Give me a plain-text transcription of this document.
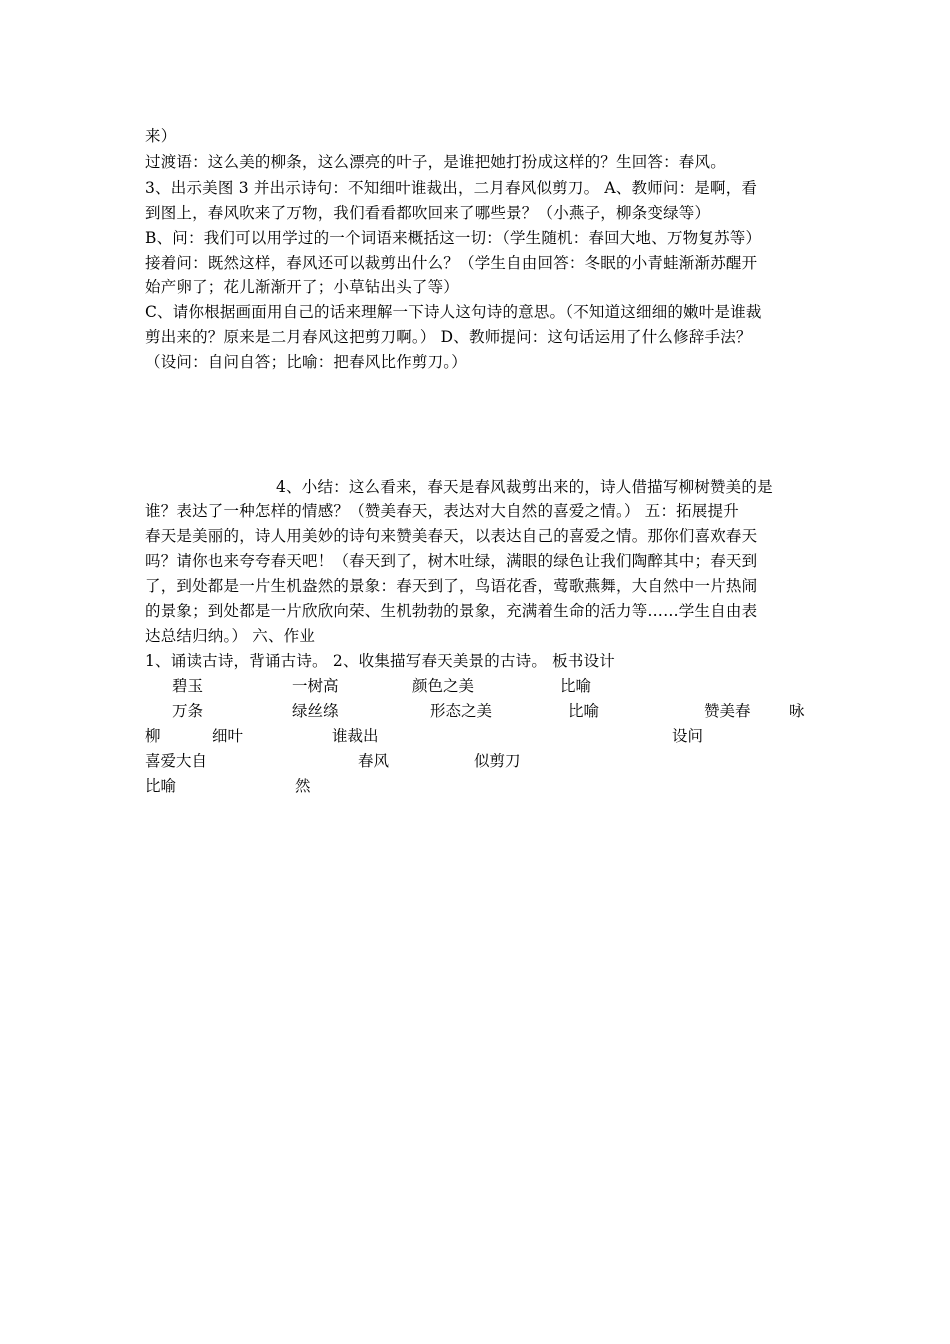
来）
过渡语：这么美的柳条，这么漂亮的叶子，是谁把她打扮成这样的？生回答：春风。
3、出示美图 3 并出示诗句：不知细叶谁裁出，二月春风似剪刀。 A、教师问：是啊，看
到图上，春风吹来了万物，我们看看都吹回来了哪些景？（小燕子，柳条变绿等）
B、问：我们可以用学过的一个词语来概括这一切：（学生随机：春回大地、万物复苏等）
接着问：既然这样，春风还可以裁剪出什么？（学生自由回答：冬眠的小青蛙渐渐苏醒开
始产卵了；花儿渐渐开了；小草钻出头了等）
C、请你根据画面用自己的话来理解一下诗人这句诗的意思。（不知道这细细的嫩叶是谁裁
剪出来的？原来是二月春风这把剪刀啊。） D、教师提问：这句话运用了什么修辞手法？
（设问：自问自答；比喻：把春风比作剪刀。）
4、小结：这么看来，春天是春风裁剪出来的，诗人借描写柳树赞美的是
谁？表达了一种怎样的情感？（赞美春天，表达对大自然的喜爱之情。） 五：拓展提升
春天是美丽的，诗人用美妙的诗句来赞美春天，以表达自己的喜爱之情。那你们喜欢春天
吗？请你也来夸夸春天吧！（春天到了，树木吐绿，满眼的绿色让我们陶醉其中；春天到
了，到处都是一片生机盎然的景象：春天到了，鸟语花香，莺歌燕舞，大自然中一片热闹
的景象；到处都是一片欣欣向荣、生机勃勃的景象，充满着生命的活力等……学生自由表
达总结归纳。） 六、作业
1、诵读古诗，背诵古诗。 2、收集描写春天美景的古诗。 板书设计
碧玉	一树高	颜色之美	比喻
万条	绿丝绦	形态之美	比喻	赞美春 咏
柳	细叶	谁裁出	设问
喜爱大自	春风	似剪刀
比喻	然
